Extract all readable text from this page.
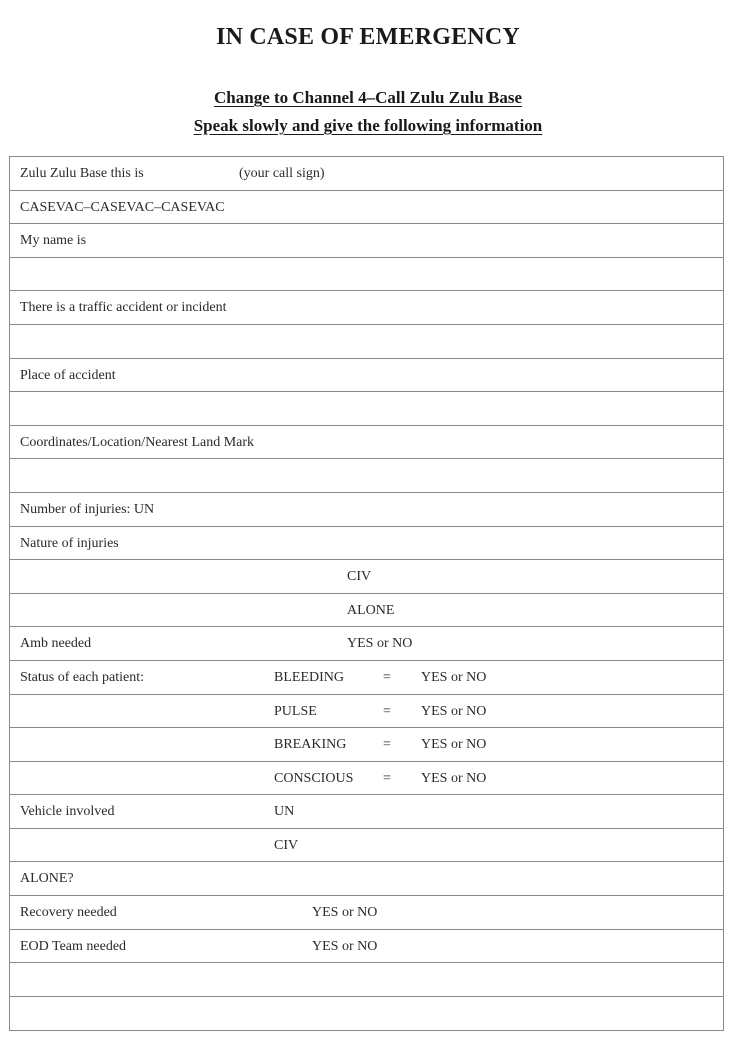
IN CASE OF EMERGENCY
Change to Channel 4–Call Zulu Zulu Base
Speak slowly and give the following information
Zulu Zulu Base this is	(your call sign)
CASEVAC–CASEVAC–CASEVAC
My name is
There is a traffic accident or incident
Place of accident
Coordinates/Location/Nearest Land Mark
Number of injuries: UN
Nature of injuries
CIV
ALONE
Amb needed	YES or NO
Status of each patient:	BLEEDING	= YES or NO
PULSE	= YES or NO
BREAKING	= YES or NO
CONSCIOUS = YES or NO
Vehicle involved	UN
CIV
ALONE?
Recovery needed	YES or NO
EOD Team needed	YES or NO
